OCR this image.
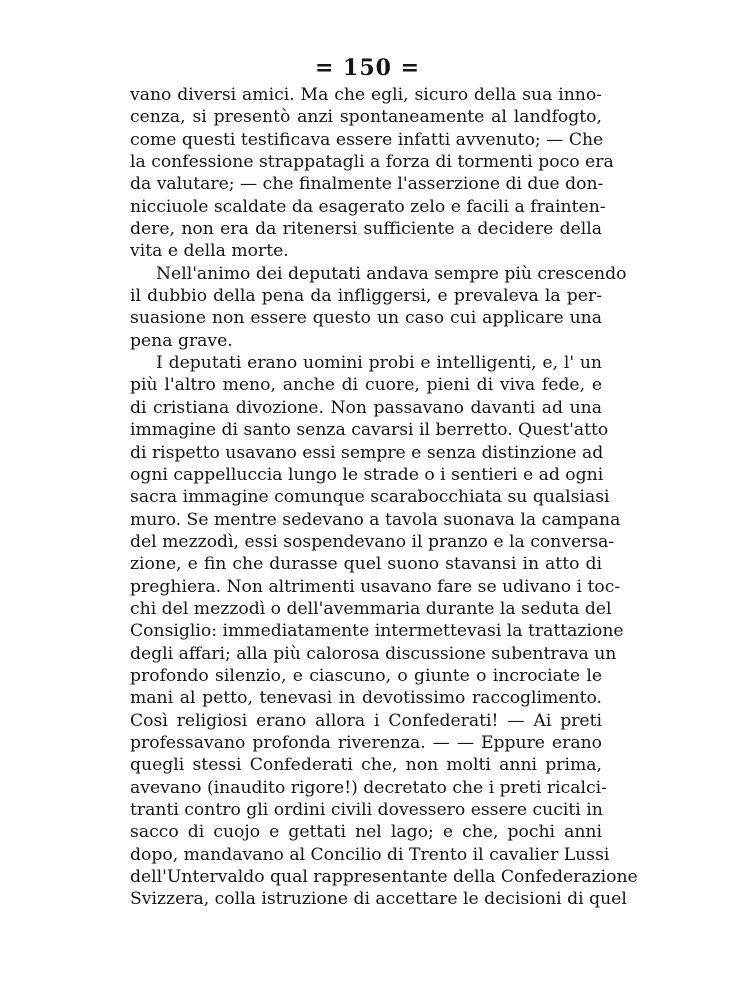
= 150 =
vano diversi amici. Ma che egli, sicuro della sua inno-
cenza, si presentò anzi spontaneamente al landfogto,
come questi testificava essere infatti avvenuto; — Che
la confessione strappatagli a forza di tormenti poco era
da valutare; — che finalmente l'asserzione di due don-
nicciuole scaldate da esagerato zelo e facili a frainten-
dere, non era da ritenersi sufficiente a decidere della
vita e della morte.
Nell'animo dei deputati andava sempre più crescendo
il dubbio della pena da infliggersi, e prevaleva la per-
suasione non essere questo un caso cui applicare una
pena grave.
I deputati erano uomini probi e intelligenti, e, l' un
più l'altro meno, anche di cuore, pieni di viva fede, e
di cristiana divozione. Non passavano davanti ad una
immagine di santo senza cavarsi il berretto. Quest'atto
di rispetto usavano essi sempre e senza distinzione ad
ogni cappelluccia lungo le strade o i sentieri e ad ogni
sacra immagine comunque scarabocchiata su qualsiasi
muro. Se mentre sedevano a tavola suonava la campana
del mezzodì, essi sospendevano il pranzo e la conversa-
zione, e fin che durasse quel suono stavansi in atto di
preghiera. Non altrimenti usavano fare se udivano i toc-
chi del mezzodì o dell'avemmaria durante la seduta del
Consiglio: immediatamente intermettevasi la trattazione
degli affari; alla più calorosa discussione subentrava un
profondo silenzio, e ciascuno, o giunte o incrociate le
mani al petto, tenevasi in devotissimo raccoglimento.
Così religiosi erano allora i Confederati! — Ai preti
professavano profonda riverenza. — — Eppure erano
quegli stessi Confederati che, non molti anni prima,
avevano (inaudito rigore!) decretato che i preti ricalci-
tranti contro gli ordini civili dovessero essere cuciti in
sacco di cuojo e gettati nel lago; e che, pochi anni
dopo, mandavano al Concilio di Trento il cavalier Lussi
dell'Untervaldo qual rappresentante della Confederazione
Svizzera, colla istruzione di accettare le decisioni di quel
